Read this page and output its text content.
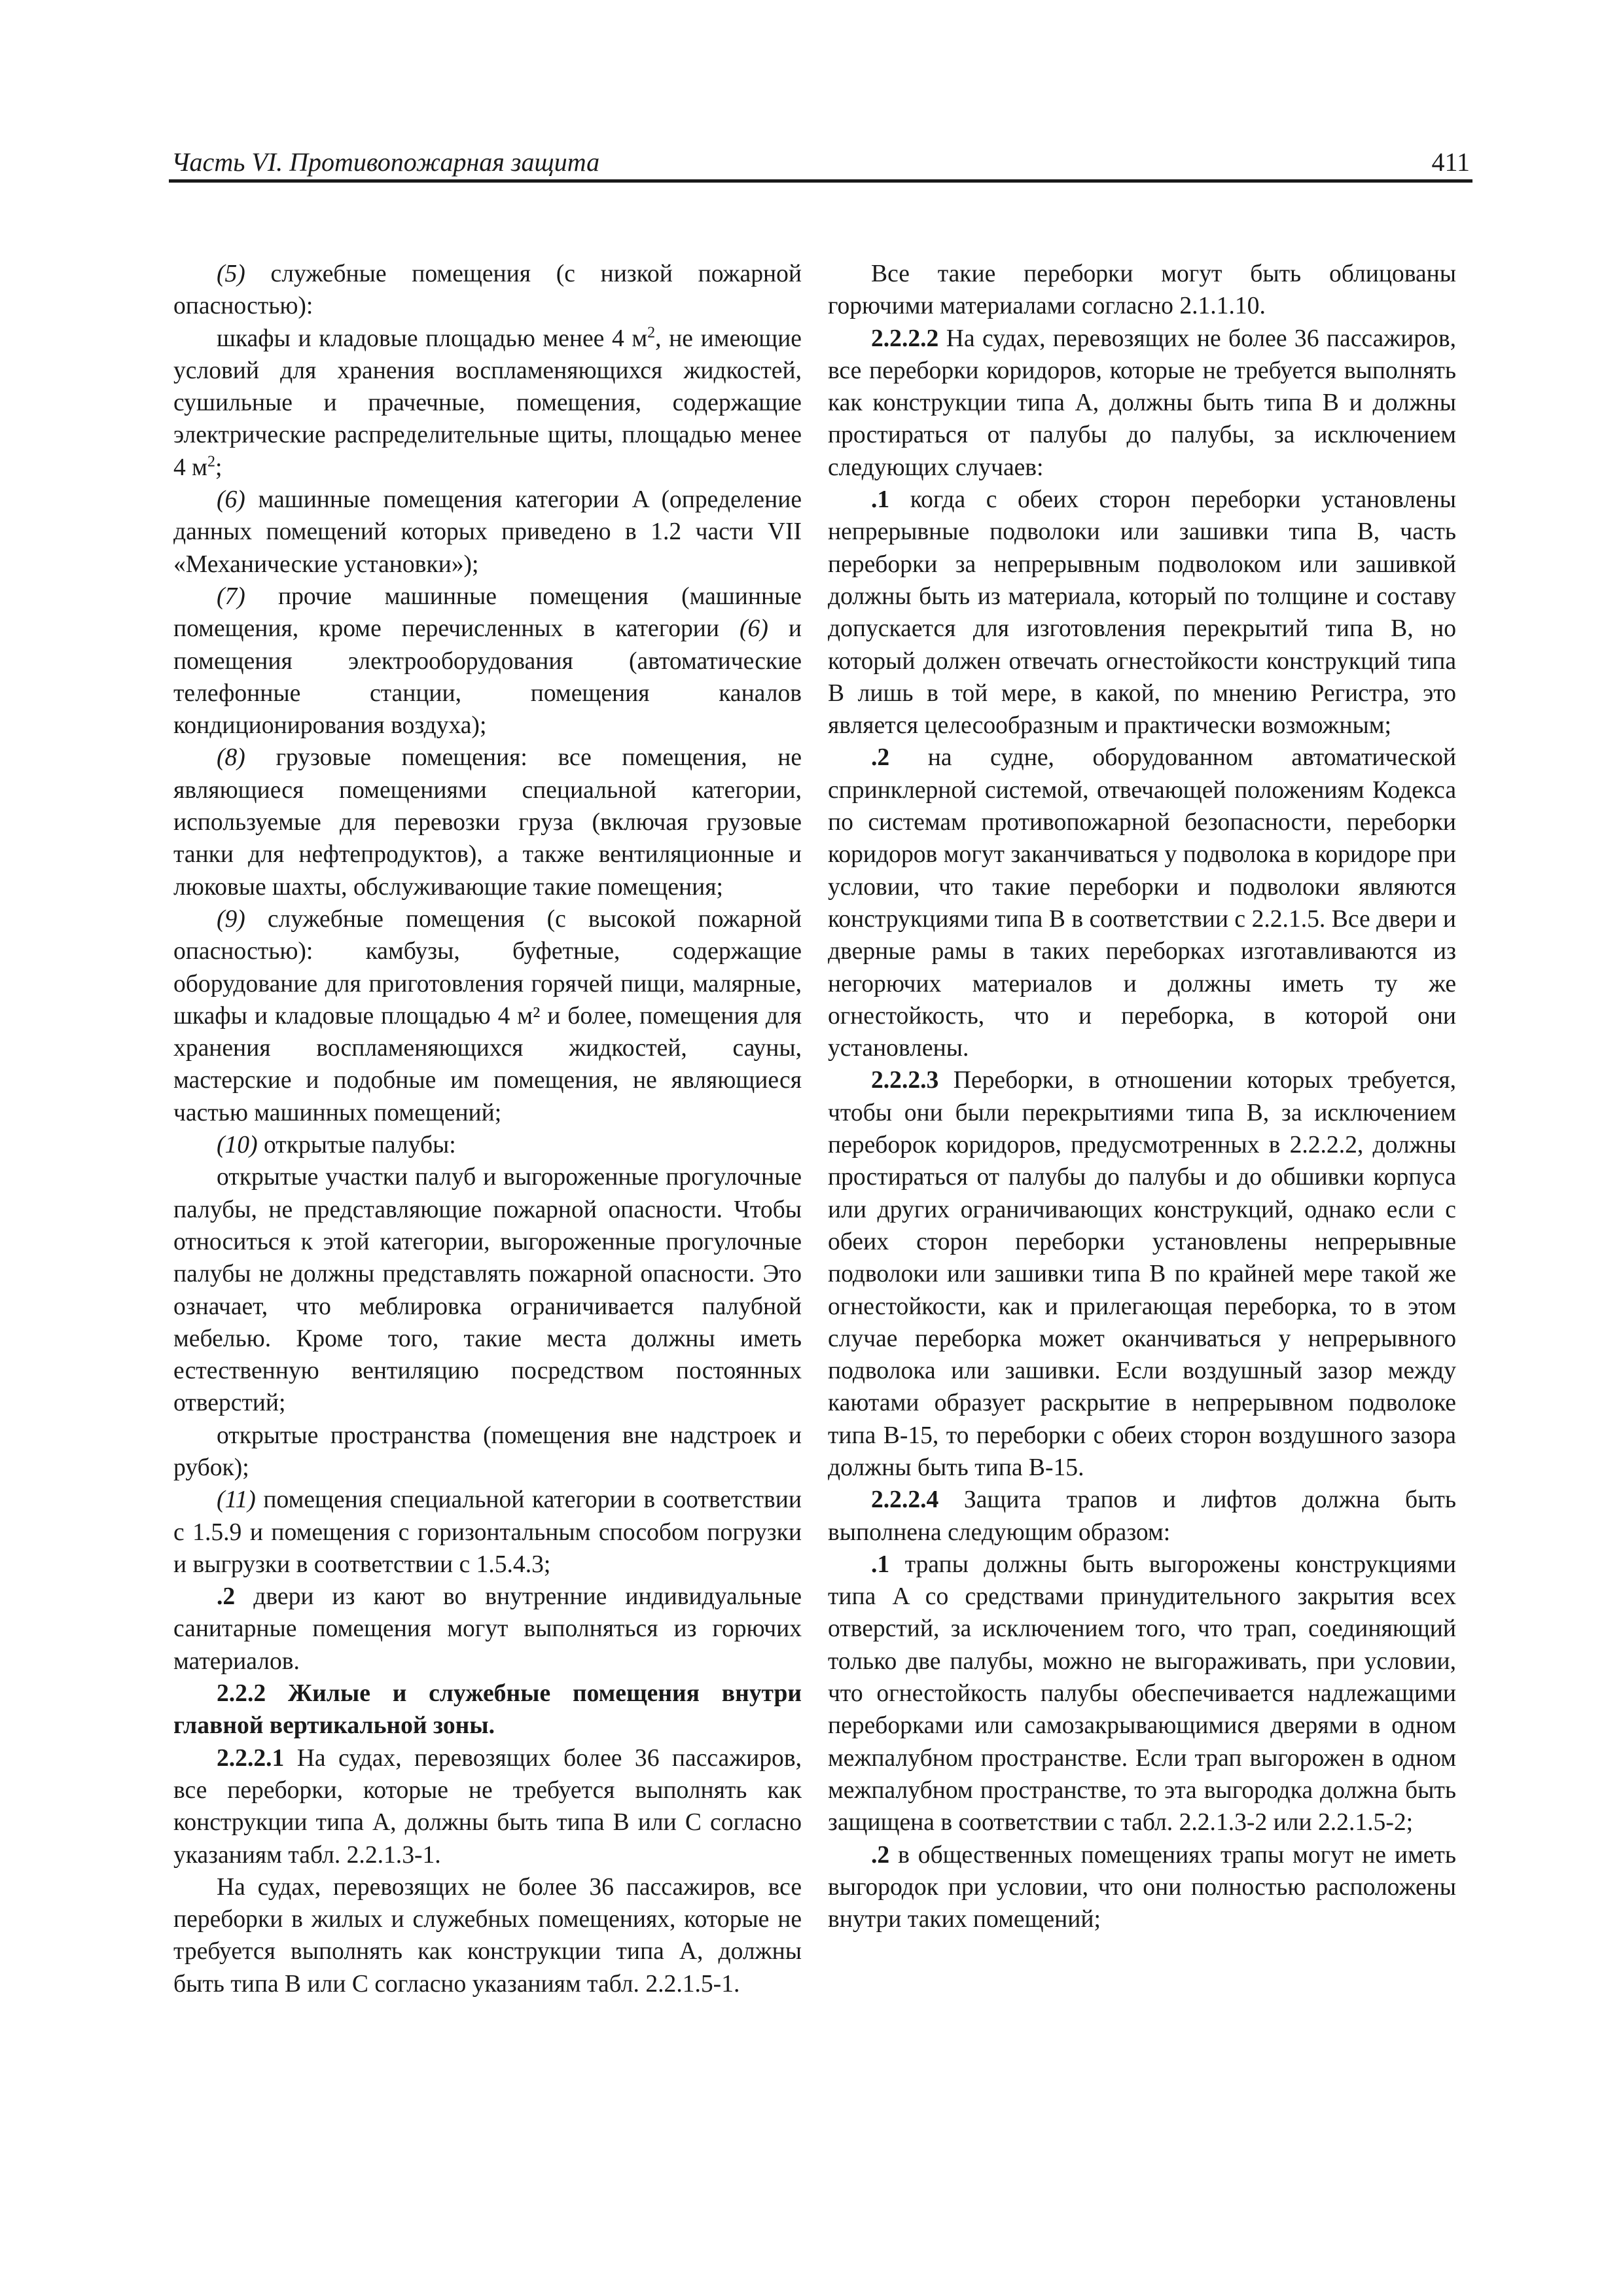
Часть VI. Противопожарная защита	411

(5) служебные помещения (с низкой пожарной опасностью):

шкафы и кладовые площадью менее 4 $м^2$, не имеющие условий для хранения воспламеняющихся жидкостей, сушильные и прачечные, помещения, содержащие электрические распределительные щиты, площадью менее 4 $м^2$;

(6) машинные помещения категории A (определение данных помещений которых приведено в 1.2 части VII «Механические установки»);

(7) прочие машинные помещения (машинные помещения, кроме перечисленных в категории (6) и помещения электрооборудования (автоматические телефонные станции, помещения каналов кондиционирования воздуха);

(8) грузовые помещения: все помещения, не являющиеся помещениями специальной категории, используемые для перевозки груза (включая грузовые танки для нефтепродуктов), а также вентиляционные и люковые шахты, обслуживающие такие помещения;

(9) служебные помещения (с высокой пожарной опасностью): камбузы, буфетные, содержащие оборудование для приготовления горячей пищи, малярные, шкафы и кладовые площадью 4 м² и более, помещения для хранения воспламеняющихся жидкостей, сауны, мастерские и подобные им помещения, не являющиеся частью машинных помещений;

(10) открытые палубы:

открытые участки палуб и выгороженные прогулочные палубы, не представляющие пожарной опасности. Чтобы относиться к этой категории, выгороженные прогулочные палубы не должны представлять пожарной опасности. Это означает, что меблировка ограничивается палубной мебелью. Кроме того, такие места должны иметь естественную вентиляцию посредством постоянных отверстий;

открытые пространства (помещения вне надстроек и рубок);

(11) помещения специальной категории в соответствии с 1.5.9 и помещения с горизонтальным способом погрузки и выгрузки в соответствии с 1.5.4.3;

.2 двери из кают во внутренние индивидуальные санитарные помещения могут выполняться из горючих материалов.

2.2.2 Жилые и служебные помещения внутри главной вертикальной зоны.

2.2.2.1 На судах, перевозящих более 36 пассажиров, все переборки, которые не требуется выполнять как конструкции типа A, должны быть типа B или C согласно указаниям табл. 2.2.1.3-1.

На судах, перевозящих не более 36 пассажиров, все переборки в жилых и служебных помещениях, которые не требуется выполнять как конструкции типа A, должны быть типа B или C согласно указаниям табл. 2.2.1.5-1.

Все такие переборки могут быть облицованы горючими материалами согласно 2.1.1.10.

2.2.2.2 На судах, перевозящих не более 36 пассажиров, все переборки коридоров, которые не требуется выполнять как конструкции типа A, должны быть типа B и должны простираться от палубы до палубы, за исключением следующих случаев:

.1 когда с обеих сторон переборки установлены непрерывные подволоки или зашивки типа B, часть переборки за непрерывным подволоком или зашивкой должны быть из материала, который по толщине и составу допускается для изготовления перекрытий типа B, но который должен отвечать огнестойкости конструкций типа B лишь в той мере, в какой, по мнению Регистра, это является целесообразным и практически возможным;

.2 на судне, оборудованном автоматической спринклерной системой, отвечающей положениям Кодекса по системам противопожарной безопасности, переборки коридоров могут заканчиваться у подволока в коридоре при условии, что такие переборки и подволоки являются конструкциями типа B в соответствии с 2.2.1.5. Все двери и дверные рамы в таких переборках изготавливаются из негорючих материалов и должны иметь ту же огнестойкость, что и переборка, в которой они установлены.

2.2.2.3 Переборки, в отношении которых требуется, чтобы они были перекрытиями типа B, за исключением переборок коридоров, предусмотренных в 2.2.2.2, должны простираться от палубы до палубы и до обшивки корпуса или других ограничивающих конструкций, однако если с обеих сторон переборки установлены непрерывные подволоки или зашивки типа B по крайней мере такой же огнестойкости, как и прилегающая переборка, то в этом случае переборка может оканчиваться у непрерывного подволока или зашивки. Если воздушный зазор между каютами образует раскрытие в непрерывном подволоке типа B-15, то переборки с обеих сторон воздушного зазора должны быть типа B-15.

2.2.2.4 Защита трапов и лифтов должна быть выполнена следующим образом:

.1 трапы должны быть выгорожены конструкциями типа A со средствами принудительного закрытия всех отверстий, за исключением того, что трап, соединяющий только две палубы, можно не выгораживать, при условии, что огнестойкость палубы обеспечивается надлежащими переборками или самозакрывающимися дверями в одном межпалубном пространстве. Если трап выгорожен в одном межпалубном пространстве, то эта выгородка должна быть защищена в соответствии с табл. 2.2.1.3-2 или 2.2.1.5-2;

.2 в общественных помещениях трапы могут не иметь выгородок при условии, что они полностью расположены внутри таких помещений;
